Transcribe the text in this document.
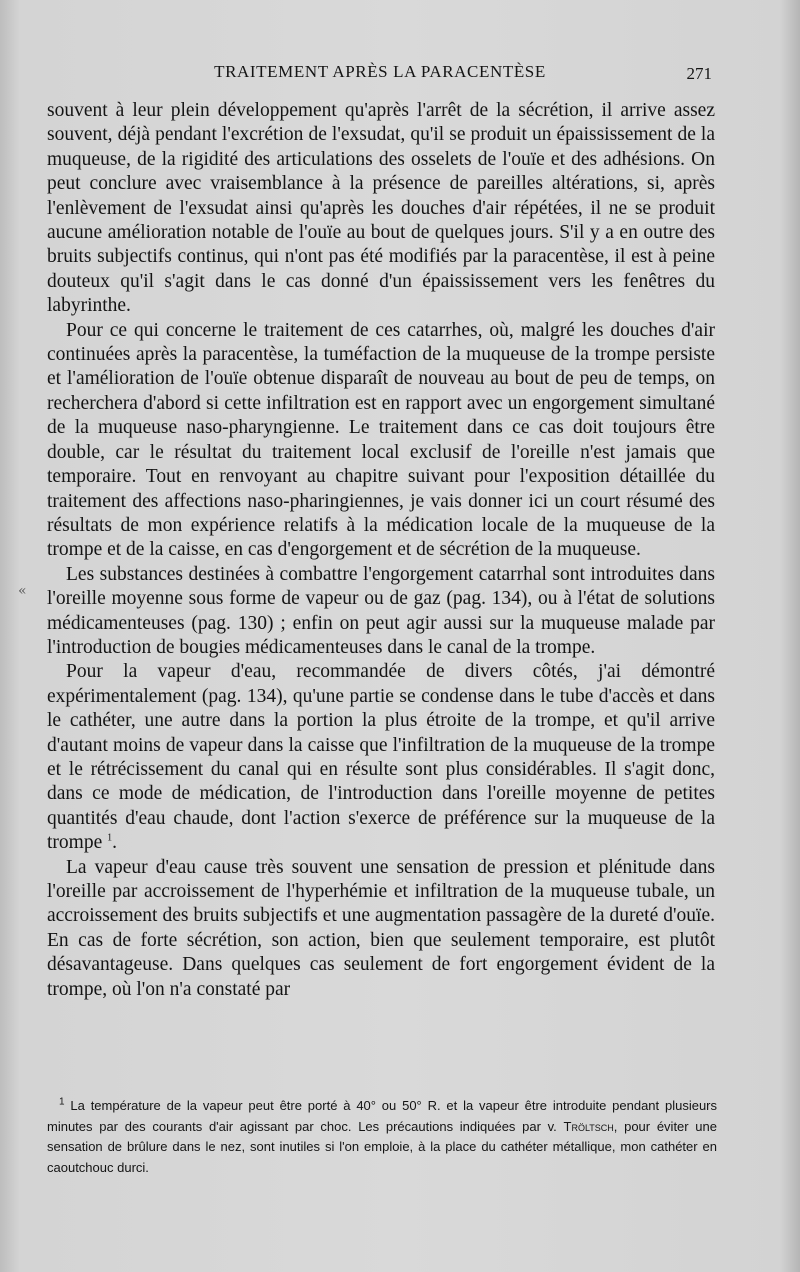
TRAITEMENT APRÈS LA PARACENTÈSE	271
«

souvent à leur plein développement qu'après l'arrêt de la sécrétion, il arrive assez souvent, déjà pendant l'excrétion de l'exsudat, qu'il se produit un épaississement de la muqueuse, de la rigidité des articulations des osselets de l'ouïe et des adhésions. On peut conclure avec vraisemblance à la présence de pareilles altérations, si, après l'enlèvement de l'exsudat ainsi qu'après les douches d'air répétées, il ne se produit aucune amélioration notable de l'ouïe au bout de quelques jours. S'il y a en outre des bruits subjectifs continus, qui n'ont pas été modifiés par la paracentèse, il est à peine douteux qu'il s'agit dans le cas donné d'un épaississement vers les fenêtres du labyrinthe.

Pour ce qui concerne le traitement de ces catarrhes, où, malgré les douches d'air continuées après la paracentèse, la tuméfaction de la muqueuse de la trompe persiste et l'amélioration de l'ouïe obtenue disparaît de nouveau au bout de peu de temps, on recherchera d'abord si cette infiltration est en rapport avec un engorgement simultané de la muqueuse naso-pharyngienne. Le traitement dans ce cas doit toujours être double, car le résultat du traitement local exclusif de l'oreille n'est jamais que temporaire. Tout en renvoyant au chapitre suivant pour l'exposition détaillée du traitement des affections naso-pharingiennes, je vais donner ici un court résumé des résultats de mon expérience relatifs à la médication locale de la muqueuse de la trompe et de la caisse, en cas d'engorgement et de sécrétion de la muqueuse.

Les substances destinées à combattre l'engorgement catarrhal sont introduites dans l'oreille moyenne sous forme de vapeur ou de gaz (pag. 134), ou à l'état de solutions médicamenteuses (pag. 130) ; enfin on peut agir aussi sur la muqueuse malade par l'introduction de bougies médicamenteuses dans le canal de la trompe.

Pour la vapeur d'eau, recommandée de divers côtés, j'ai démontré expérimentalement (pag. 134), qu'une partie se condense dans le tube d'accès et dans le cathéter, une autre dans la portion la plus étroite de la trompe, et qu'il arrive d'autant moins de vapeur dans la caisse que l'infiltration de la muqueuse de la trompe et le rétrécissement du canal qui en résulte sont plus considérables. Il s'agit donc, dans ce mode de médication, de l'introduction dans l'oreille moyenne de petites quantités d'eau chaude, dont l'action s'exerce de préférence sur la muqueuse de la trompe $^1$.

La vapeur d'eau cause très souvent une sensation de pression et plénitude dans l'oreille par accroissement de l'hyperhémie et infiltration de la muqueuse tubale, un accroissement des bruits subjectifs et une augmentation passagère de la dureté d'ouïe. En cas de forte sécrétion, son action, bien que seulement temporaire, est plutôt désavantageuse. Dans quelques cas seulement de fort engorgement évident de la trompe, où l'on n'a constaté par

$^1$ La température de la vapeur peut être porté à 40° ou 50° R. et la vapeur être introduite pendant plusieurs minutes par des courants d'air agissant par choc. Les précautions indiquées par v. Tröltsch, pour éviter une sensation de brûlure dans le nez, sont inutiles si l'on emploie, à la place du cathéter métallique, mon cathéter en caoutchouc durci.
